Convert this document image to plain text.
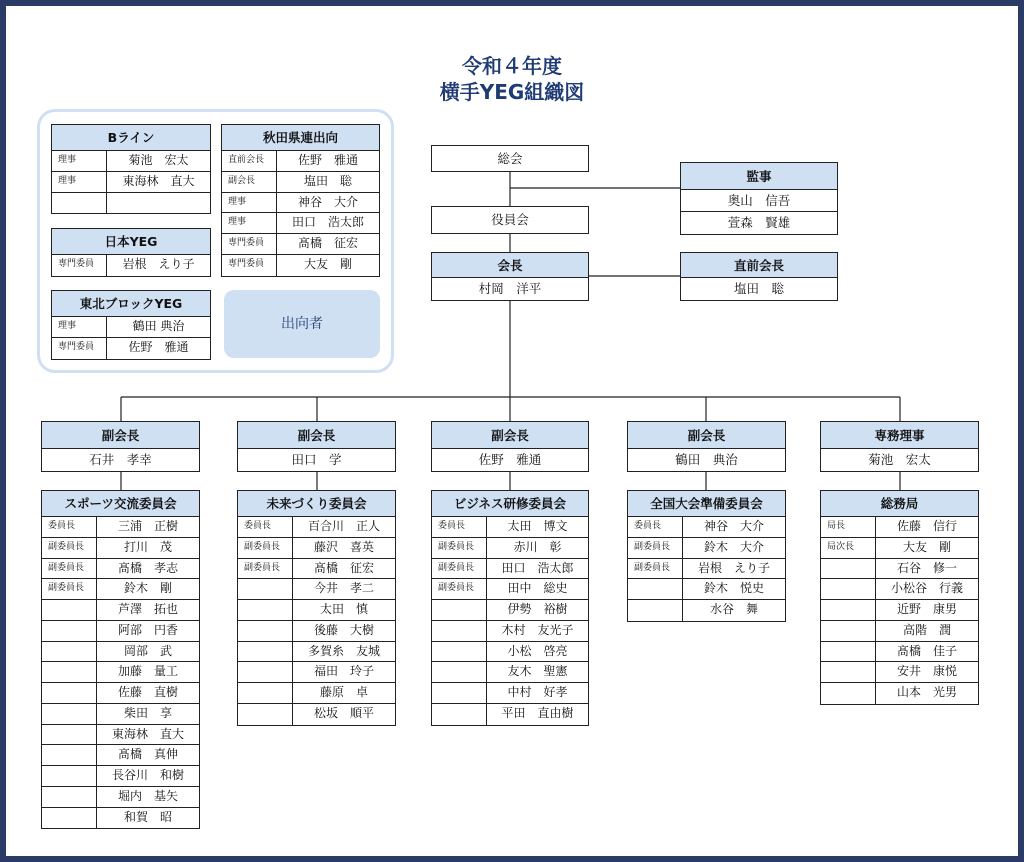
令和４年度
横手YEG組織図
Bライン
理事	菊池　宏太
理事	東海林　直大
日本YEG
専門委員	岩根　えり子
東北ブロックYEG
理事	鶴田 典治
専門委員	佐野　雅通
秋田県連出向
直前会長	佐野　雅通
副会長	塩田　聡
理事	神谷　大介
理事	田口　浩太郎
専門委員	髙橋　征宏
専門委員	大友　剛
出向者
総会
役員会
会長
村岡　洋平
監事
奥山　信吾
萱森　賢雄
直前会長
塩田　聡
副会長
石井　孝幸
副会長
田口　学
副会長
佐野　雅通
副会長
鶴田　典治
専務理事
菊池　宏太
スポーツ交流委員会
委員長	三浦　正樹
副委員長	打川　茂
副委員長	髙橋　孝志
副委員長	鈴木　剛
芦澤　拓也
阿部　円香
岡部　武
加藤　量工
佐藤　直樹
柴田　享
東海林　直大
髙橋　真伸
長谷川　和樹
堀内　基矢
和賀　昭
未来づくり委員会
委員長	百合川　正人
副委員長	藤沢　喜英
副委員長	髙橋　征宏
今井　孝二
太田　慎
後藤　大樹
多賀糸　友城
福田　玲子
藤原　卓
松坂　順平
ビジネス研修委員会
委員長	太田　博文
副委員長	赤川　彰
副委員長	田口　浩太郎
副委員長	田中　総史
伊勢　裕樹
木村　友光子
小松　啓亮
友木　聖憲
中村　好孝
平田　直由樹
全国大会準備委員会
委員長	神谷　大介
副委員長	鈴木　大介
副委員長	岩根　えり子
鈴木　悦史
水谷　舞
総務局
局長	佐藤　信行
局次長	大友　剛
石谷　修一
小松谷　行義
近野　康男
高階　潤
髙橋　佳子
安井　康悦
山本　光男
